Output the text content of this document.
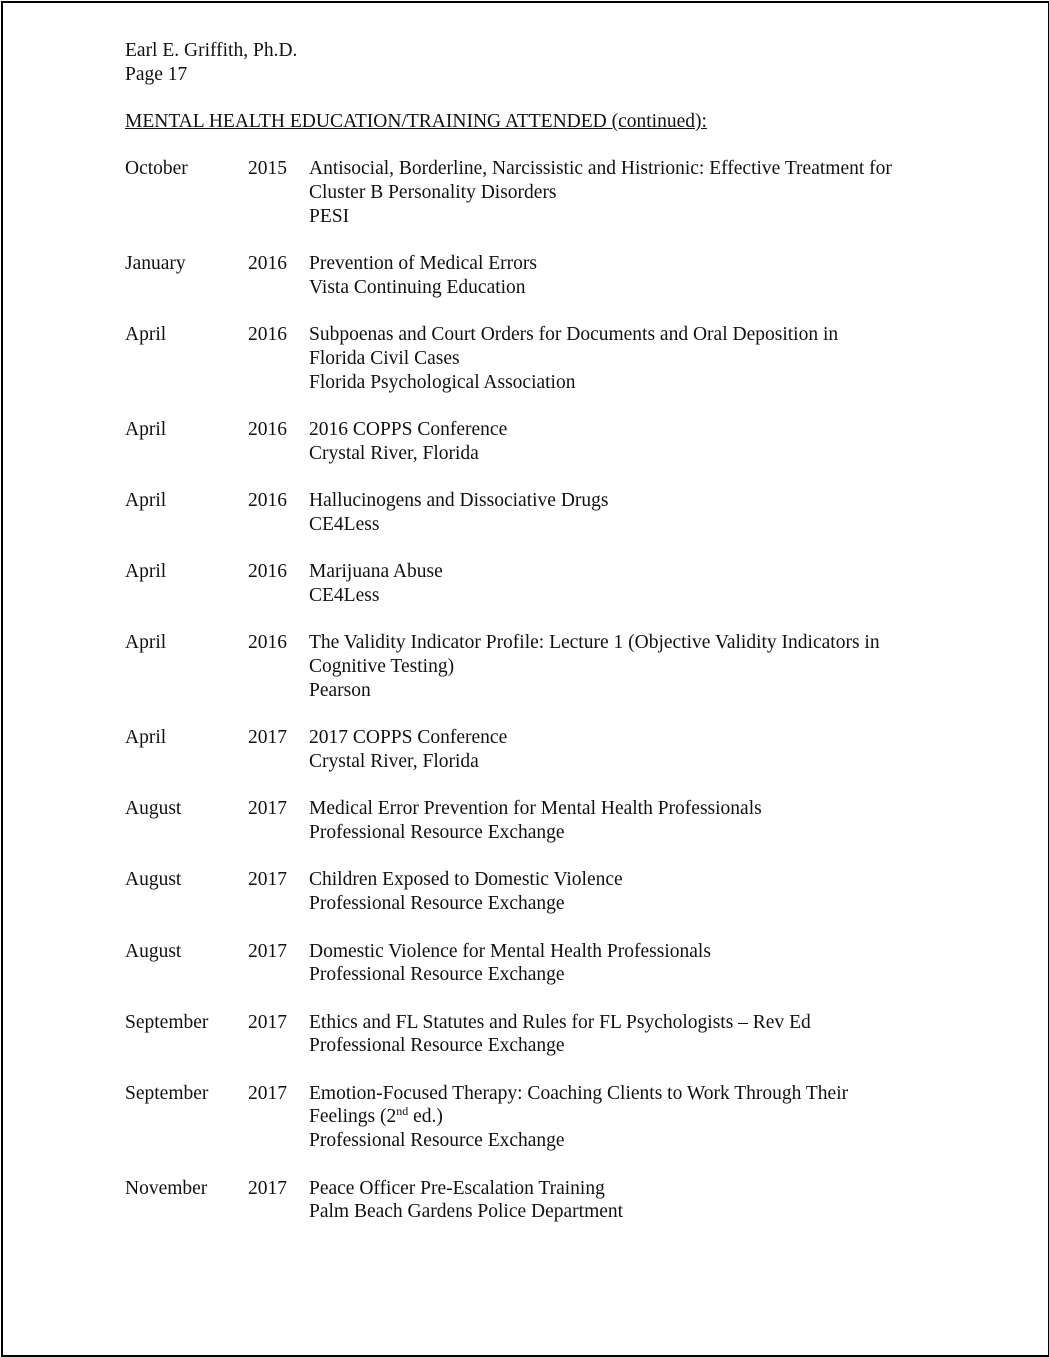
Earl E. Griffith, Ph.D.
Page 17
MENTAL HEALTH EDUCATION/TRAINING ATTENDED (continued):
October	2015	Antisocial, Borderline, Narcissistic and Histrionic: Effective Treatment for
Cluster B Personality Disorders
PESI
January	2016	Prevention of Medical Errors
Vista Continuing Education
April	2016	Subpoenas and Court Orders for Documents and Oral Deposition in
Florida Civil Cases
Florida Psychological Association
April	2016	2016 COPPS Conference
Crystal River, Florida
April	2016	Hallucinogens and Dissociative Drugs
CE4Less
April	2016	Marijuana Abuse
CE4Less
April	2016	The Validity Indicator Profile: Lecture 1 (Objective Validity Indicators in
Cognitive Testing)
Pearson
April	2017	2017 COPPS Conference
Crystal River, Florida
August	2017	Medical Error Prevention for Mental Health Professionals
Professional Resource Exchange
August	2017	Children Exposed to Domestic Violence
Professional Resource Exchange
August	2017	Domestic Violence for Mental Health Professionals
Professional Resource Exchange
September	2017	Ethics and FL Statutes and Rules for FL Psychologists – Rev Ed
Professional Resource Exchange
September	2017	Emotion-Focused Therapy: Coaching Clients to Work Through Their
Feelings (2nd ed.)
Professional Resource Exchange
November	2017	Peace Officer Pre-Escalation Training
Palm Beach Gardens Police Department
